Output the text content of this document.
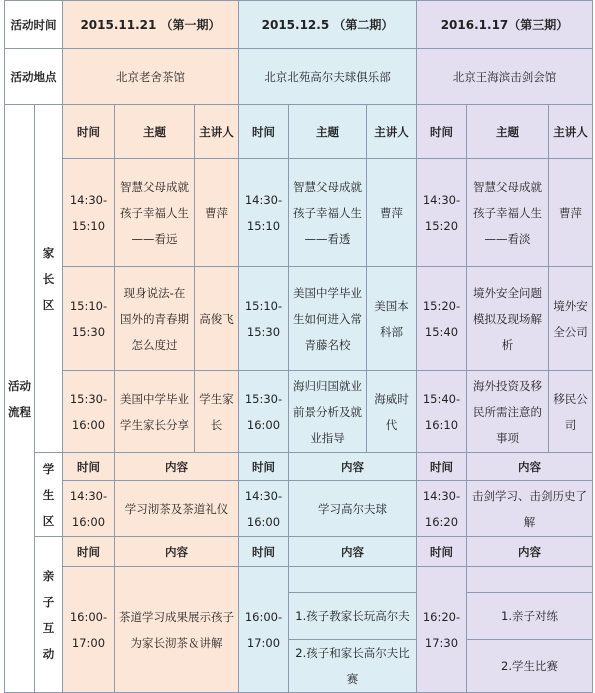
活动时间		2015.11.21 （第一期）			2015.12.5 （第二期）			2016.1.17（第三期）		
活动地点		北京老舍茶馆			北京北苑高尔夫球俱乐部			北京王海滨击剑会馆		
活动流程	家长区	时间	主题	主讲人	时间	主题	主讲人	时间	主题	主讲人
		14:30-15:10	智慧父母成就孩子幸福人生——看远	曹萍	14:30-15:10	智慧父母成就孩子幸福人生——看透	曹萍	14:30-15:20	智慧父母成就孩子幸福人生——看淡	曹萍
		15:10-15:30	现身说法-在国外的青春期怎么度过	高俊飞	15:10-15:30	美国中学毕业生如何进入常青藤名校	美国本科部	15:20-15:40	境外安全问题模拟及现场解析	境外安全公司
		15:30-16:00	美国中学毕业学生家长分享	学生家长	15:30-16:00	海归归国就业前景分析及就业指导	海威时代	15:40-16:10	海外投资及移民所需注意的事项	移民公司
	学生区	时间	内容		时间	内容		时间	内容	
		14:30-16:00	学习沏茶及茶道礼仪		14:30-16:00	学习高尔夫球		14:30-16:20	击剑学习、击剑历史了解	
	亲子互动	时间	内容		时间	内容		时间	内容	
		16:00-17:00	茶道学习成果展示孩子为家长沏茶＆讲解		16:00-17:00			16:20-17:30		
						1.孩子教家长玩高尔夫			1.亲子对练	
						2.孩子和家长高尔夫比赛			2.学生比赛	
